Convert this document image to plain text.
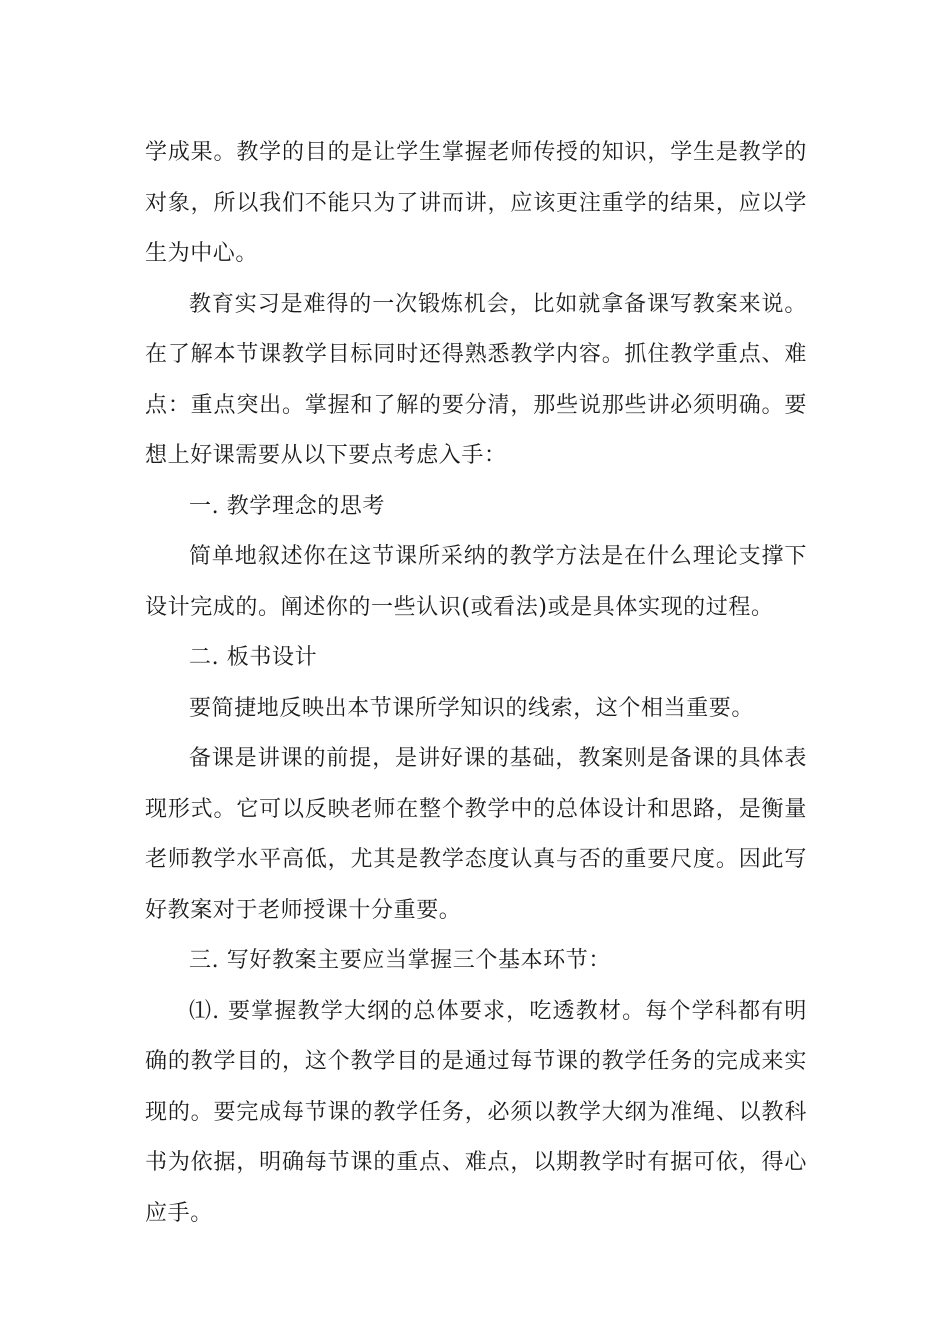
学成果。教学的目的是让学生掌握老师传授的知识，学生是教学的对象，所以我们不能只为了讲而讲，应该更注重学的结果，应以学生为中心。

教育实习是难得的一次锻炼机会，比如就拿备课写教案来说。在了解本节课教学目标同时还得熟悉教学内容。抓住教学重点、难点：重点突出。掌握和了解的要分清，那些说那些讲必须明确。要想上好课需要从以下要点考虑入手：

一. 教学理念的思考

简单地叙述你在这节课所采纳的教学方法是在什么理论支撑下设计完成的。阐述你的一些认识(或看法)或是具体实现的过程。

二. 板书设计

要简捷地反映出本节课所学知识的线索，这个相当重要。

备课是讲课的前提，是讲好课的基础，教案则是备课的具体表现形式。它可以反映老师在整个教学中的总体设计和思路，是衡量老师教学水平高低，尤其是教学态度认真与否的重要尺度。因此写好教案对于老师授课十分重要。

三. 写好教案主要应当掌握三个基本环节：

⑴. 要掌握教学大纲的总体要求，吃透教材。每个学科都有明确的教学目的，这个教学目的是通过每节课的教学任务的完成来实现的。要完成每节课的教学任务，必须以教学大纲为准绳、以教科书为依据，明确每节课的重点、难点，以期教学时有据可依，得心应手。
